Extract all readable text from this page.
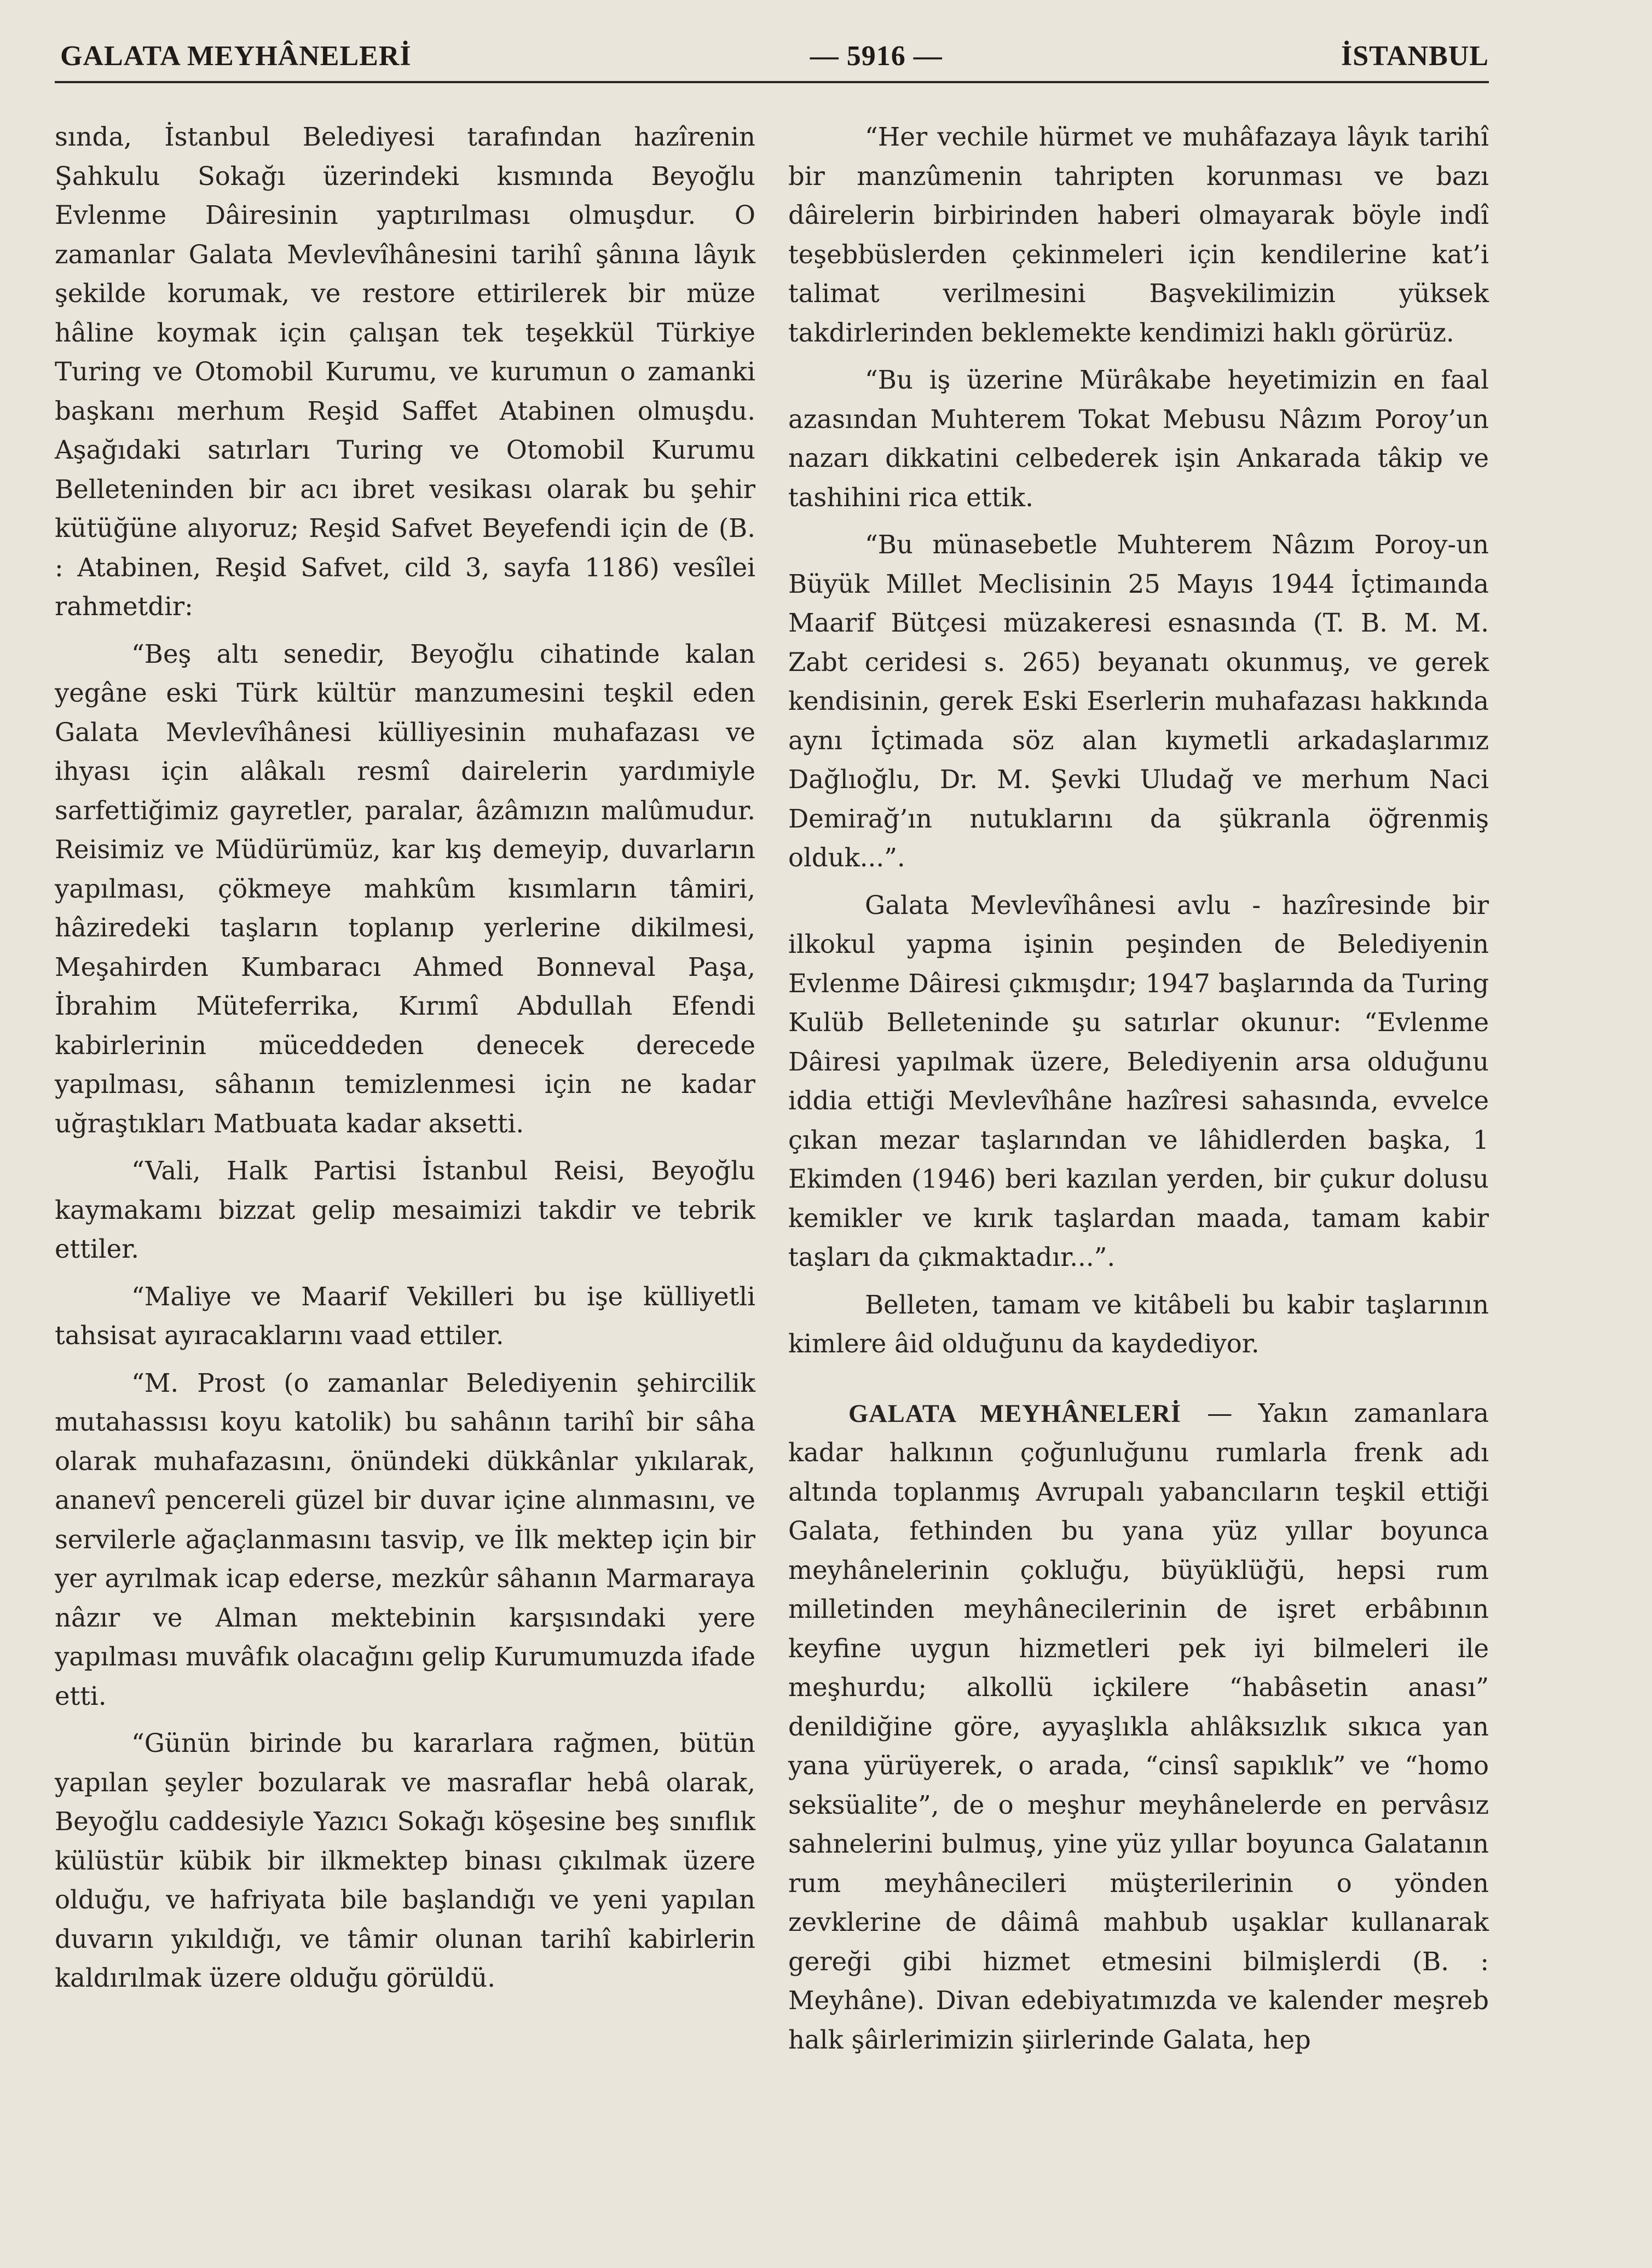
GALATA MEYHÂNELERİ	— 5916 —	İSTANBUL

sında, İstanbul Belediyesi tarafından hazîrenin Şahkulu Sokağı üzerindeki kısmında Beyoğlu Evlenme Dâiresinin yaptırılması olmuşdur. O zamanlar Galata Mevlevîhânesini tarihî şânına lâyık şekilde korumak, ve restore ettirilerek bir müze hâline koymak için çalışan tek teşekkül Türkiye Turing ve Otomobil Kurumu, ve kurumun o zamanki başkanı merhum Reşid Saffet Atabinen olmuşdu. Aşağıdaki satırları Turing ve Otomobil Kurumu Belleteninden bir acı ibret vesikası olarak bu şehir kütüğüne alıyoruz; Reşid Safvet Beyefendi için de (B. : Atabinen, Reşid Safvet, cild 3, sayfa 1186) vesîlei rahmetdir:

“Beş altı senedir, Beyoğlu cihatinde kalan yegâne eski Türk kültür manzumesini teşkil eden Galata Mevlevîhânesi külliyesinin muhafazası ve ihyası için alâkalı resmî dairelerin yardımiyle sarfettiğimiz gayretler, paralar, âzâmızın malûmudur. Reisimiz ve Müdürümüz, kar kış demeyip, duvarların yapılması, çökmeye mahkûm kısımların tâmiri, hâziredeki taşların toplanıp yerlerine dikilmesi, Meşahirden Kumbaracı Ahmed Bonneval Paşa, İbrahim Müteferrika, Kırımî Abdullah Efendi kabirlerinin mücеddeden denecek derecede yapılması, sâhanın temizlenmesi için ne kadar uğraştıkları Matbuata kadar aksetti.

“Vali, Halk Partisi İstanbul Reisi, Beyoğlu kaymakamı bizzat gelip mesaimizi takdir ve tebrik ettiler.

“Maliye ve Maarif Vekilleri bu işe külliyetli tahsisat ayıracaklarını vaad ettiler.

“M. Prost (o zamanlar Belediyenin şehircilik mutahassısı koyu katolik) bu sahânın tarihî bir sâha olarak muhafazasını, önündeki dükkânlar yıkılarak, ananevî pencereli güzel bir duvar içine alınmasını, ve servilerle ağaçlanmasını tasvip, ve İlk mektep için bir yer ayrılmak icap ederse, mezkûr sâhanın Marmaraya nâzır ve Alman mektebinin karşısındaki yere yapılması muvâfık olacağını gelip Kurumumuzda ifade etti.

“Günün birinde bu kararlara rağmen, bütün yapılan şeyler bozularak ve masraflar hebâ olarak, Beyoğlu caddesiyle Yazıcı Sokağı köşesine beş sınıflık külüstür kübik bir ilkmektep binası çıkılmak üzere olduğu, ve hafriyata bile başlandığı ve yeni yapılan duvarın yıkıldığı, ve tâmir olunan tarihî kabirlerin kaldırılmak üzere olduğu görüldü.

“Her vechile hürmet ve muhâfazaya lâyık tarihî bir manzûmenin tahripten korunması ve bazı dâirelerin birbirinden haberi olmayarak böyle indî teşebbüslerden çekinmeleri için kendilerine kat’i talimat verilmesini Başvekilimizin yüksek takdirlerinden beklemekte kendimizi haklı görürüz.

“Bu iş üzerine Mürâkabe heyetimizin en faal azasından Muhterem Tokat Mebusu Nâzım Poroy’un nazarı dikkatini celbederek işin Ankarada tâkip ve tashihini rica ettik.

“Bu münasebetle Muhterem Nâzım Poroy-un Büyük Millet Meclisinin 25 Mayıs 1944 İçtimaında Maarif Bütçesi müzakeresi esnasında (T. B. M. M. Zabt ceridesi s. 265) beyanatı okunmuş, ve gerek kendisinin, gerek Eski Eserlerin muhafazası hakkında aynı İçtimada söz alan kıymetli arkadaşlarımız Dağlıoğlu, Dr. M. Şevki Uludağ ve merhum Naci Demirağ’ın nutuklarını da şükranla öğrenmiş olduk...”.

Galata Mevlevîhânesi avlu - hazîresinde bir ilkokul yapma işinin peşinden de Belediyenin Evlenme Dâiresi çıkmışdır; 1947 başlarında da Turing Kulüb Belleteninde şu satırlar okunur: “Evlenme Dâiresi yapılmak üzere, Belediyenin arsa olduğunu iddia ettiği Mevlevîhâne hazîresi sahasında, evvelce çıkan mezar taşlarından ve lâhidlerden başka, 1 Ekimden (1946) beri kazılan yerden, bir çukur dolusu kemikler ve kırık taşlardan maada, tamam kabir taşları da çıkmaktadır...”.

Belleten, tamam ve kitâbeli bu kabir taşlarının kimlere âid olduğunu da kaydediyor.

GALATA MEYHÂNELERİ — Yakın zamanlara kadar halkının çoğunluğunu rumlarla frenk adı altında toplanmış Avrupalı yabancıların teşkil ettiği Galata, fethinden bu yana yüz yıllar boyunca meyhânelerinin çokluğu, büyüklüğü, hepsi rum milletinden meyhânecilerinin de işret erbâbının keyfine uygun hizmetleri pek iyi bilmeleri ile meşhurdu; alkollü içkilere “habâsetin anası” denildiğine göre, ayyaşlıkla ahlâksızlık sıkıca yan yana yürüyerek, o arada, “cinsî sapıklık” ve “homo seksüalite”, de o meşhur meyhânelerde en pervâsız sahnelerini bulmuş, yine yüz yıllar boyunca Galatanın rum meyhânecileri müşterilerinin o yönden zevklerine de dâimâ mahbub uşaklar kullanarak gereği gibi hizmet etmesini bilmişlerdi (B. : Meyhâne). Divan edebiyatımızda ve kalender meşreb halk şâirlerimizin şiirlerinde Galata, hep
